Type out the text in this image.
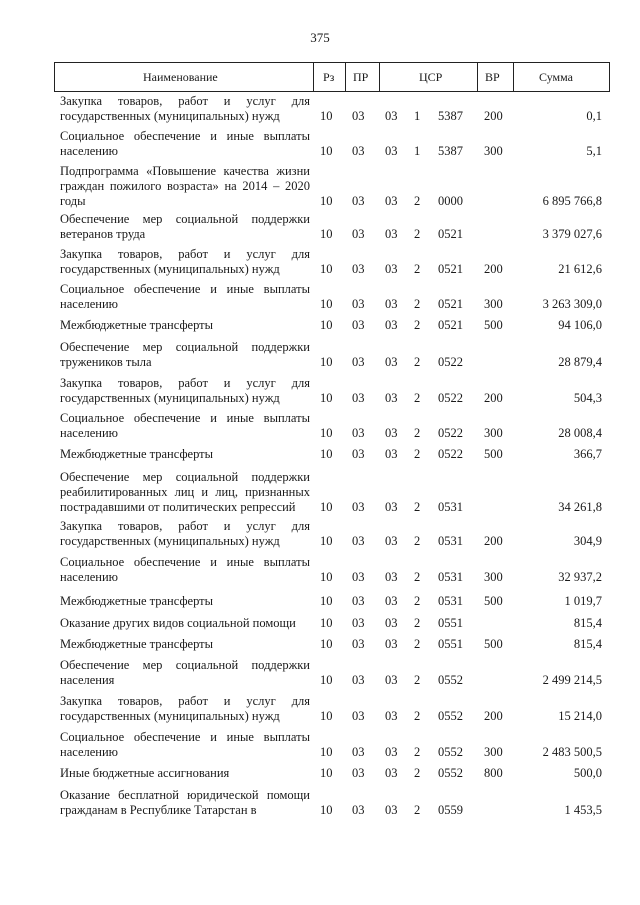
375
Наименование	Рз ПР	ЦСР	ВР	Сумма
Закупка товаров, работ и услуг для государственных (муниципальных) нужд	10 03 03 1 5387 200	0,1
Социальное обеспечение и иные выплаты населению	10 03 03 1 5387 300	5,1
Подпрограмма «Повышение качества жизни граждан пожилого возраста» на 2014 – 2020 годы	10 03 03 2 0000	6 895 766,8
Обеспечение мер социальной поддержки ветеранов труда	10 03 03 2 0521	3 379 027,6
Закупка товаров, работ и услуг для государственных (муниципальных) нужд	10 03 03 2 0521 200	21 612,6
Социальное обеспечение и иные выплаты населению	10 03 03 2 0521 300	3 263 309,0
Межбюджетные трансферты	10 03 03 2 0521 500	94 106,0
Обеспечение мер социальной поддержки тружеников тыла	10 03 03 2 0522	28 879,4
Закупка товаров, работ и услуг для государственных (муниципальных) нужд	10 03 03 2 0522 200	504,3
Социальное обеспечение и иные выплаты населению	10 03 03 2 0522 300	28 008,4
Межбюджетные трансферты	10 03 03 2 0522 500	366,7
Обеспечение мер социальной поддержки реабилитированных лиц и лиц, признанных пострадавшими от политических репрессий	10 03 03 2 0531	34 261,8
Закупка товаров, работ и услуг для государственных (муниципальных) нужд	10 03 03 2 0531 200	304,9
Социальное обеспечение и иные выплаты населению	10 03 03 2 0531 300	32 937,2
Межбюджетные трансферты	10 03 03 2 0531 500	1 019,7
Оказание других видов социальной помощи	10 03 03 2 0551	815,4
Межбюджетные трансферты	10 03 03 2 0551 500	815,4
Обеспечение мер социальной поддержки населения	10 03 03 2 0552	2 499 214,5
Закупка товаров, работ и услуг для государственных (муниципальных) нужд	10 03 03 2 0552 200	15 214,0
Социальное обеспечение и иные выплаты населению	10 03 03 2 0552 300	2 483 500,5
Иные бюджетные ассигнования	10 03 03 2 0552 800	500,0
Оказание бесплатной юридической помощи гражданам в Республике Татарстан в	10 03 03 2 0559	1 453,5
